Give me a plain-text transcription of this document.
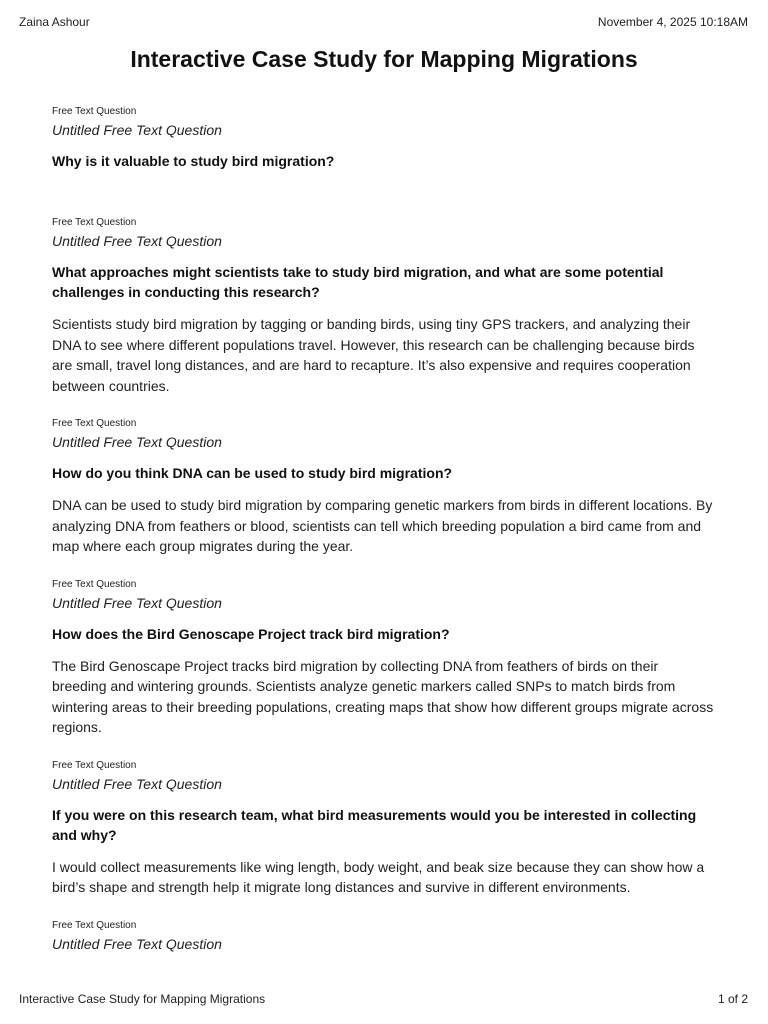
Zaina Ashour	November 4, 2025 10:18AM
Interactive Case Study for Mapping Migrations
Free Text Question
Untitled Free Text Question
Why is it valuable to study bird migration?
Free Text Question
Untitled Free Text Question
What approaches might scientists take to study bird migration, and what are some potential challenges in conducting this research?
Scientists study bird migration by tagging or banding birds, using tiny GPS trackers, and analyzing their DNA to see where different populations travel. However, this research can be challenging because birds are small, travel long distances, and are hard to recapture. It’s also expensive and requires cooperation between countries.
Free Text Question
Untitled Free Text Question
How do you think DNA can be used to study bird migration?
DNA can be used to study bird migration by comparing genetic markers from birds in different locations. By analyzing DNA from feathers or blood, scientists can tell which breeding population a bird came from and map where each group migrates during the year.
Free Text Question
Untitled Free Text Question
How does the Bird Genoscape Project track bird migration?
The Bird Genoscape Project tracks bird migration by collecting DNA from feathers of birds on their breeding and wintering grounds. Scientists analyze genetic markers called SNPs to match birds from wintering areas to their breeding populations, creating maps that show how different groups migrate across regions.
Free Text Question
Untitled Free Text Question
If you were on this research team, what bird measurements would you be interested in collecting and why?
I would collect measurements like wing length, body weight, and beak size because they can show how a bird’s shape and strength help it migrate long distances and survive in different environments.
Free Text Question
Untitled Free Text Question
Interactive Case Study for Mapping Migrations	1 of 2
